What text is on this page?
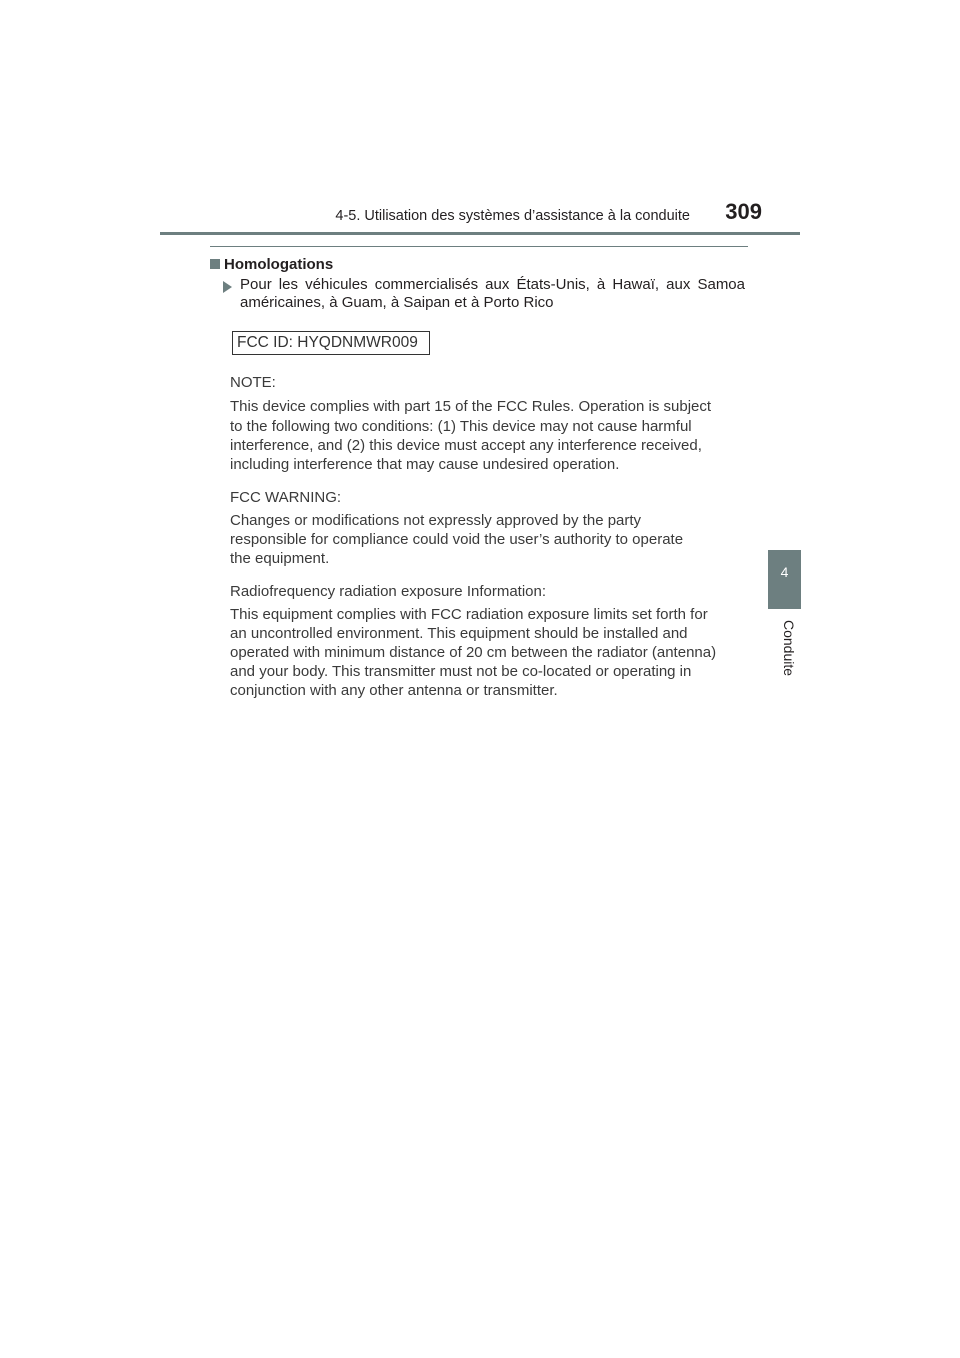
4-5. Utilisation des systèmes d’assistance à la conduite	309
4
Conduite
Homologations
Pour les véhicules commercialisés aux États-Unis, à Hawaï, aux Samoa
américaines, à Guam, à Saipan et à Porto Rico
FCC ID: HYQDNMWR009
NOTE:
This device complies with part 15 of the FCC Rules. Operation is subject
to the following two conditions: (1) This device may not cause harmful
interference, and (2) this device must accept any interference received,
including interference that may cause undesired operation.
FCC WARNING:
Changes or modifications not expressly approved by the party
responsible for compliance could void the user’s authority to operate
the equipment.
Radiofrequency radiation exposure Information:
This equipment complies with FCC radiation exposure limits set forth for
an uncontrolled environment. This equipment should be installed and
operated with minimum distance of 20 cm between the radiator (antenna)
and your body. This transmitter must not be co-located or operating in
conjunction with any other antenna or transmitter.
